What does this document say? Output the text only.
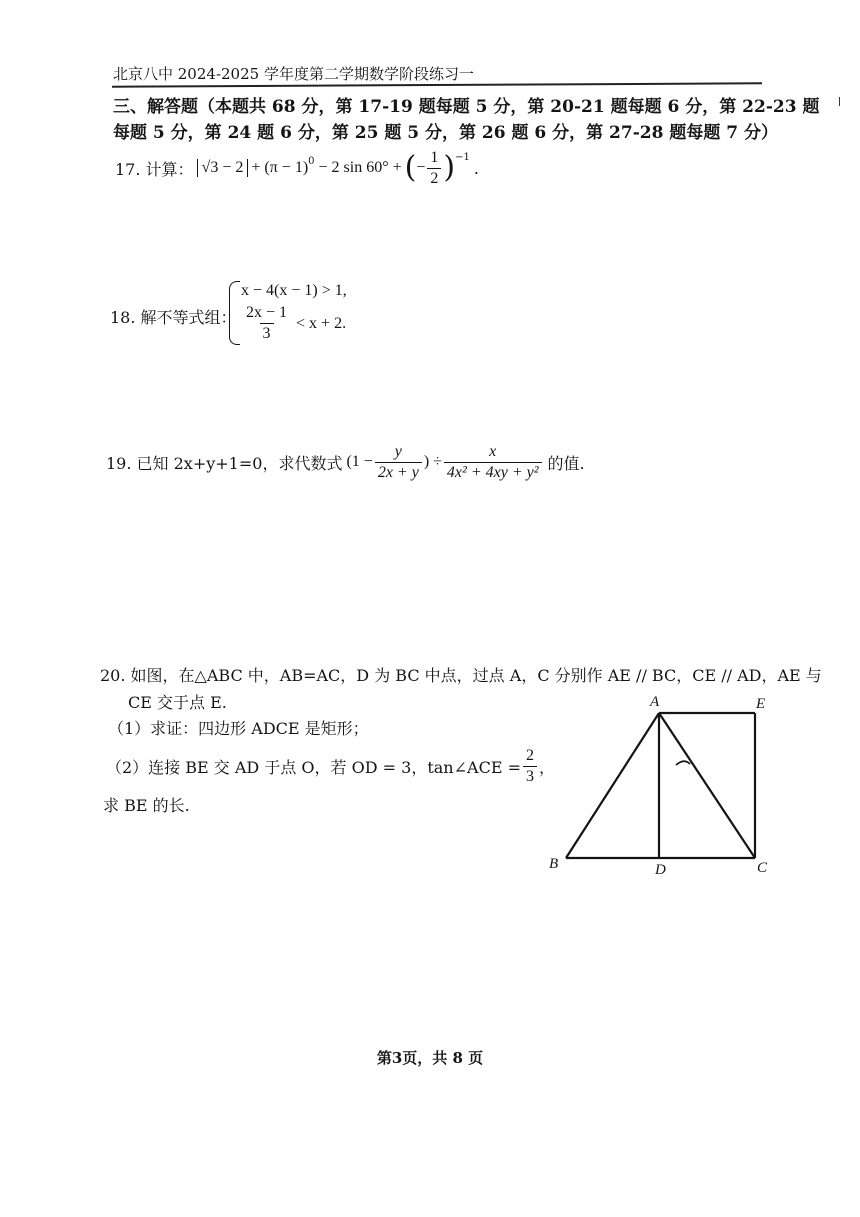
北京八中 2024-2025 学年度第二学期数学阶段练习一
三、解答题（本题共 68 分，第 17-19 题每题 5 分，第 20-21 题每题 6 分，第 22-23 题
每题 5 分，第 24 题 6 分，第 25 题 5 分，第 26 题 6 分，第 27-28 题每题 7 分）
17. 计算： $√3 - 2 + (\pi - 1)^0 - 2$ sin 60° + ( − $\frac{1}{2} )^{-1}$
.
18. 解不等式组：
x − 4(x − 1) > 1,
$\frac{2x - 1}{3} < x + 2$.
19. 已知 2x+y+1=0，求代数式 ($1 - \frac{y}{2x + y}$ ) ÷ $\frac{x}{\text{4x² + 4xy + y²}}$ 的值.
20. 如图，在△ABC 中，AB=AC，D 为 BC 中点，过点 A，C 分别作 AE // BC，CE // AD，AE 与
CE 交于点 E.
（1）求证：四边形 ADCE 是矩形；
（2）连接 BE 交 AD 于点 O，若 OD = 3，tan∠ACE = $\frac{2}{3}$ ，
求 BE 的长.
A	E
B	D	C
第3页，共 8 页
